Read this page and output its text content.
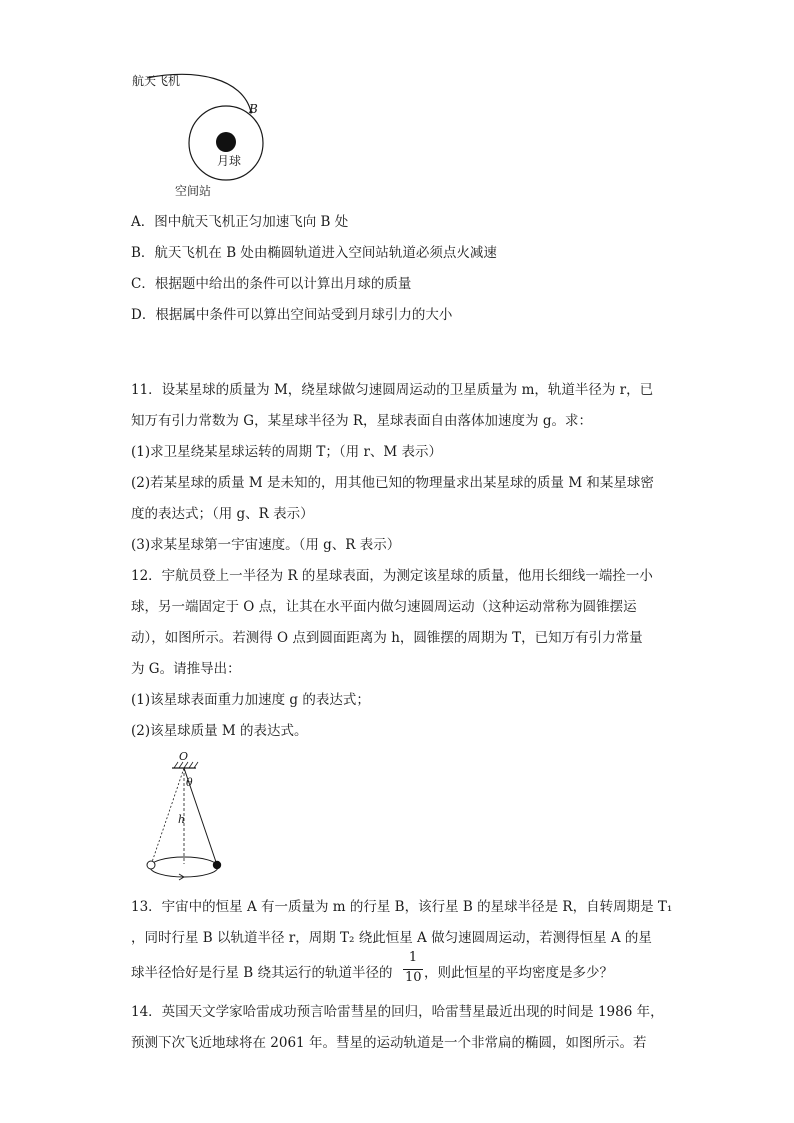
航天飞机
B
月球
空间站
A．图中航天飞机正匀加速飞向 B 处
B．航天飞机在 B 处由椭圆轨道进入空间站轨道必须点火减速
C．根据题中给出的条件可以计算出月球的质量
D．根据属中条件可以算出空间站受到月球引力的大小
11．设某星球的质量为 M，绕星球做匀速圆周运动的卫星质量为 m，轨道半径为 r，已
知万有引力常数为 G，某星球半径为 R，星球表面自由落体加速度为 g。求：
(1)求卫星绕某星球运转的周期 T；（用 r、M 表示）
(2)若某星球的质量 M 是未知的，用其他已知的物理量求出某星球的质量 M 和某星球密
度的表达式；（用 g、R 表示）
(3)求某星球第一宇宙速度。（用 g、R 表示）
12．宇航员登上一半径为 R 的星球表面，为测定该星球的质量，他用长细线一端拴一小
球，另一端固定于 O 点，让其在水平面内做匀速圆周运动（这种运动常称为圆锥摆运
动），如图所示。若测得 O 点到圆面距离为 h，圆锥摆的周期为 T，已知万有引力常量
为 G。请推导出：
(1)该星球表面重力加速度 g 的表达式；
(2)该星球质量 M 的表达式。
O
θ
h
13．宇宙中的恒星 A 有一质量为 m 的行星 B，该行星 B 的星球半径是 R，自转周期是 T₁
，同时行星 B 以轨道半径 r，周期 T₂ 绕此恒星 A 做匀速圆周运动，若测得恒星 A 的星
球半径恰好是行星 B 绕其运行的轨道半径的
1
10 ，则此恒星的平均密度是多少？
14．英国天文学家哈雷成功预言哈雷彗星的回归，哈雷彗星最近出现的时间是 1986 年，
预测下次飞近地球将在 2061 年。彗星的运动轨道是一个非常扁的椭圆，如图所示。若
